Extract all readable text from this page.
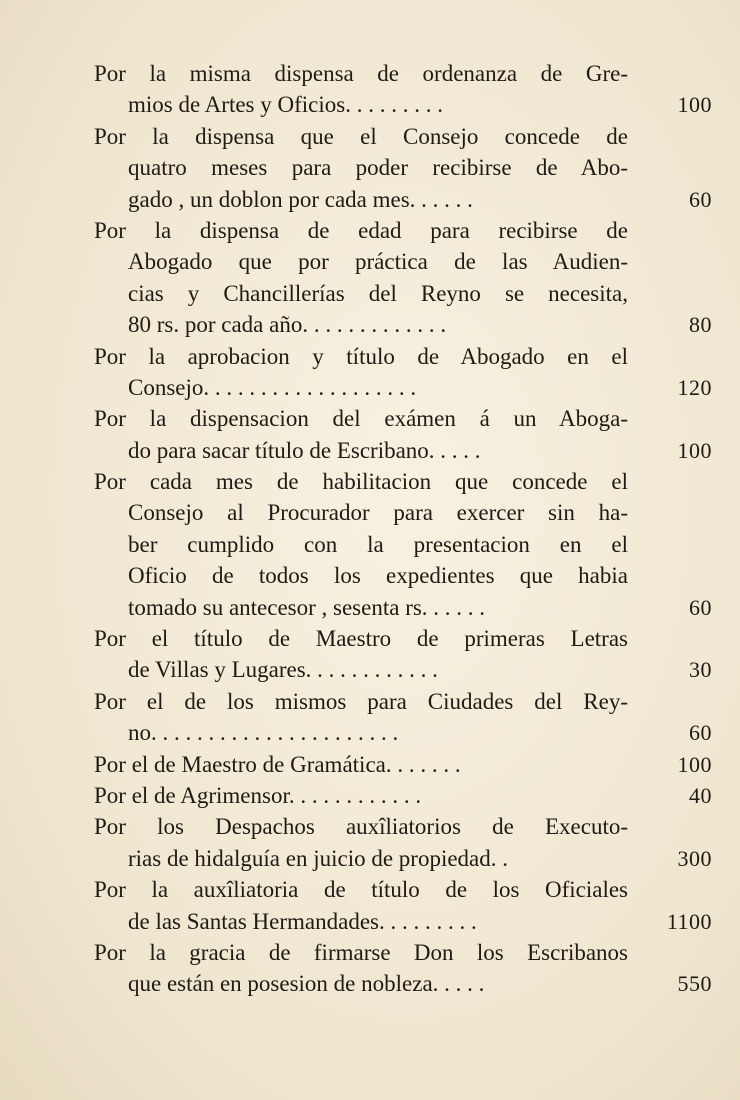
Por la misma dispensa de ordenanza de Gre-
mios de Artes y Oficios. . . . . . . . .	100
Por la dispensa que el Consejo concede de
quatro meses para poder recibirse de Abo-
gado , un doblon por cada mes. . . . . .	60
Por la dispensa de edad para recibirse de
Abogado que por práctica de las Audien-
cias y Chancillerías del Reyno se necesita,
80 rs. por cada año. . . . . . . . . . . . .	80
Por la aprobacion y título de Abogado en el
Consejo. . . . . . . . . . . . . . . . . . .	120
Por la dispensacion del exámen á un Aboga-
do para sacar título de Escribano. . . . .	100
Por cada mes de habilitacion que concede el
Consejo al Procurador para exercer sin ha-
ber cumplido con la presentacion en el
Oficio de todos los expedientes que habia
tomado su antecesor , sesenta rs. . . . . .	60
Por el título de Maestro de primeras Letras
de Villas y Lugares. . . . . . . . . . . .	30
Por el de los mismos para Ciudades del Rey-
no. . . . . . . . . . . . . . . . . . . . . .	60
Por el de Maestro de Gramática. . . . . . .	100
Por el de Agrimensor. . . . . . . . . . . .	40
Por los Despachos auxîliatorios de Executo-
rias de hidalguía en juicio de propiedad. .	300
Por la auxîliatoria de título de los Oficiales
de las Santas Hermandades. . . . . . . . .	1100
Por la gracia de firmarse Don los Escribanos
que están en posesion de nobleza. . . . .	550
